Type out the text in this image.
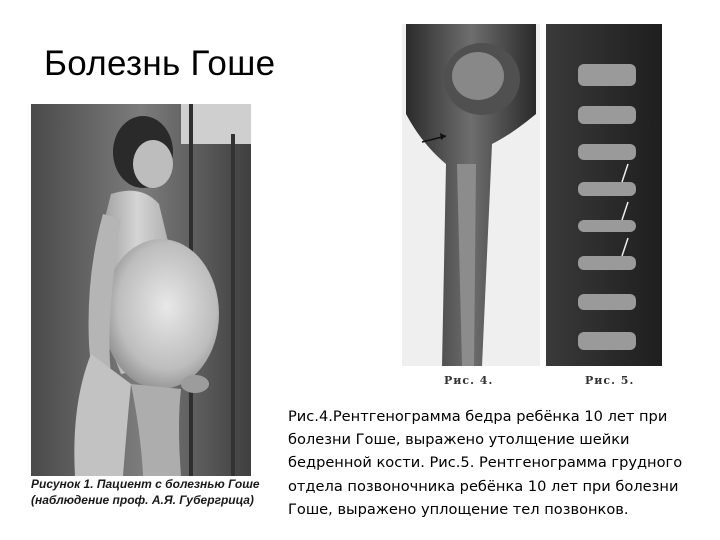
Болезнь Гоше
Рисунок 1. Пациент с болезнью Гоше (наблюдение проф. А.Я. Губергрица)
Рис. 4.	Рис. 5.
Рис.4.Рентгенограмма бедра ребёнка 10 лет при болезни Гоше, выражено утолщение шейки бедренной кости. Рис.5. Рентгенограмма грудного отдела позвоночника ребёнка 10 лет при болезни Гоше, выражено уплощение тел позвонков.
